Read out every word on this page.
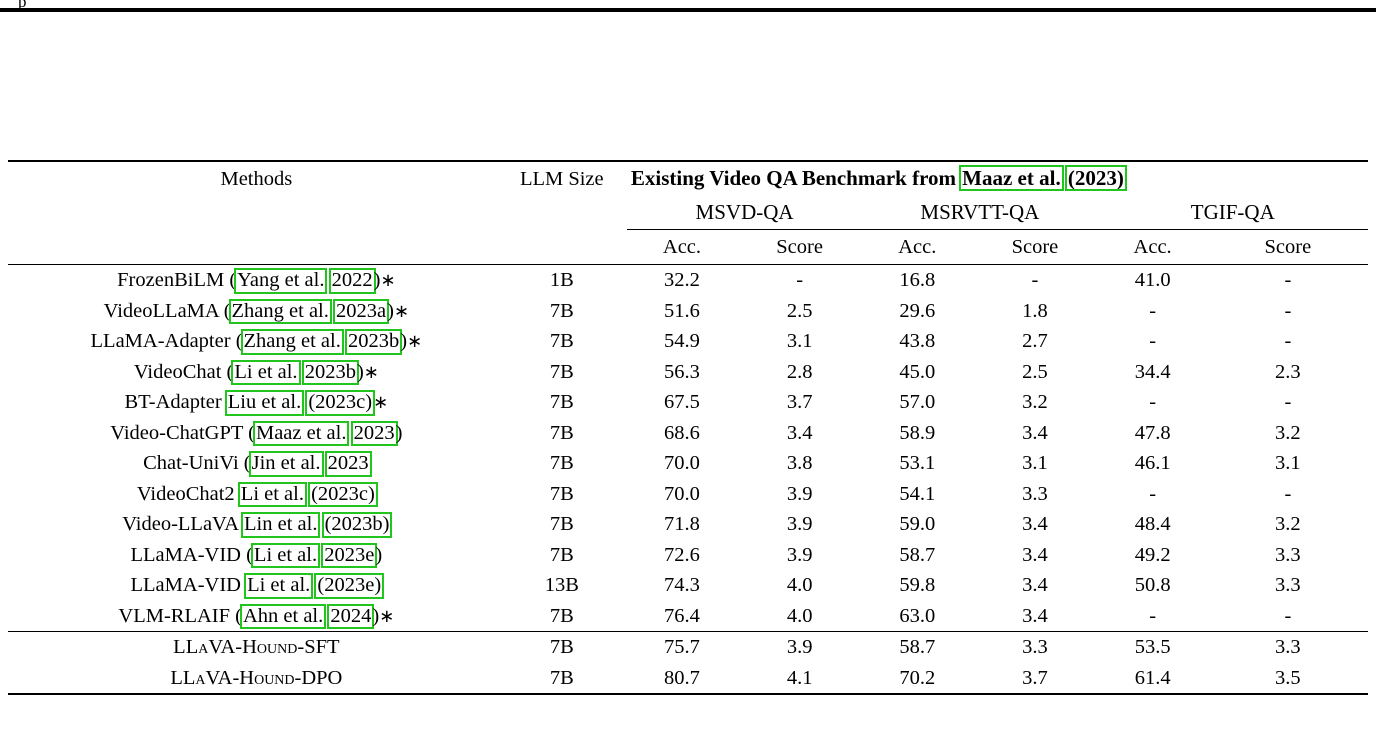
p
Methods	LLM Size	Existing Video QA Benchmark from Maaz et al. (2023)					
		MSVD-QA		MSRVTT-QA		TGIF-QA	
		Acc.	Score	Acc.	Score	Acc.	Score
FrozenBiLM (Yang et al. 2022)∗	1B	32.2	-	16.8	-	41.0	-
VideoLLaMA (Zhang et al. 2023a)∗	7B	51.6	2.5	29.6	1.8	-	-
LLaMA-Adapter (Zhang et al. 2023b)∗	7B	54.9	3.1	43.8	2.7	-	-
VideoChat (Li et al. 2023b)∗	7B	56.3	2.8	45.0	2.5	34.4	2.3
BT-Adapter Liu et al. (2023c)∗	7B	67.5	3.7	57.0	3.2	-	-
Video-ChatGPT (Maaz et al. 2023)	7B	68.6	3.4	58.9	3.4	47.8	3.2
Chat-UniVi (Jin et al. 2023	7B	70.0	3.8	53.1	3.1	46.1	3.1
VideoChat2 Li et al. (2023c)	7B	70.0	3.9	54.1	3.3	-	-
Video-LLaVA Lin et al. (2023b)	7B	71.8	3.9	59.0	3.4	48.4	3.2
LLaMA-VID (Li et al. 2023e)	7B	72.6	3.9	58.7	3.4	49.2	3.3
LLaMA-VID Li et al. (2023e)	13B	74.3	4.0	59.8	3.4	50.8	3.3
VLM-RLAIF (Ahn et al. 2024)∗	7B	76.4	4.0	63.0	3.4	-	-
LLaVA-Hound-SFT	7B	75.7	3.9	58.7	3.3	53.5	3.3
LLaVA-Hound-DPO	7B	80.7	4.1	70.2	3.7	61.4	3.5
